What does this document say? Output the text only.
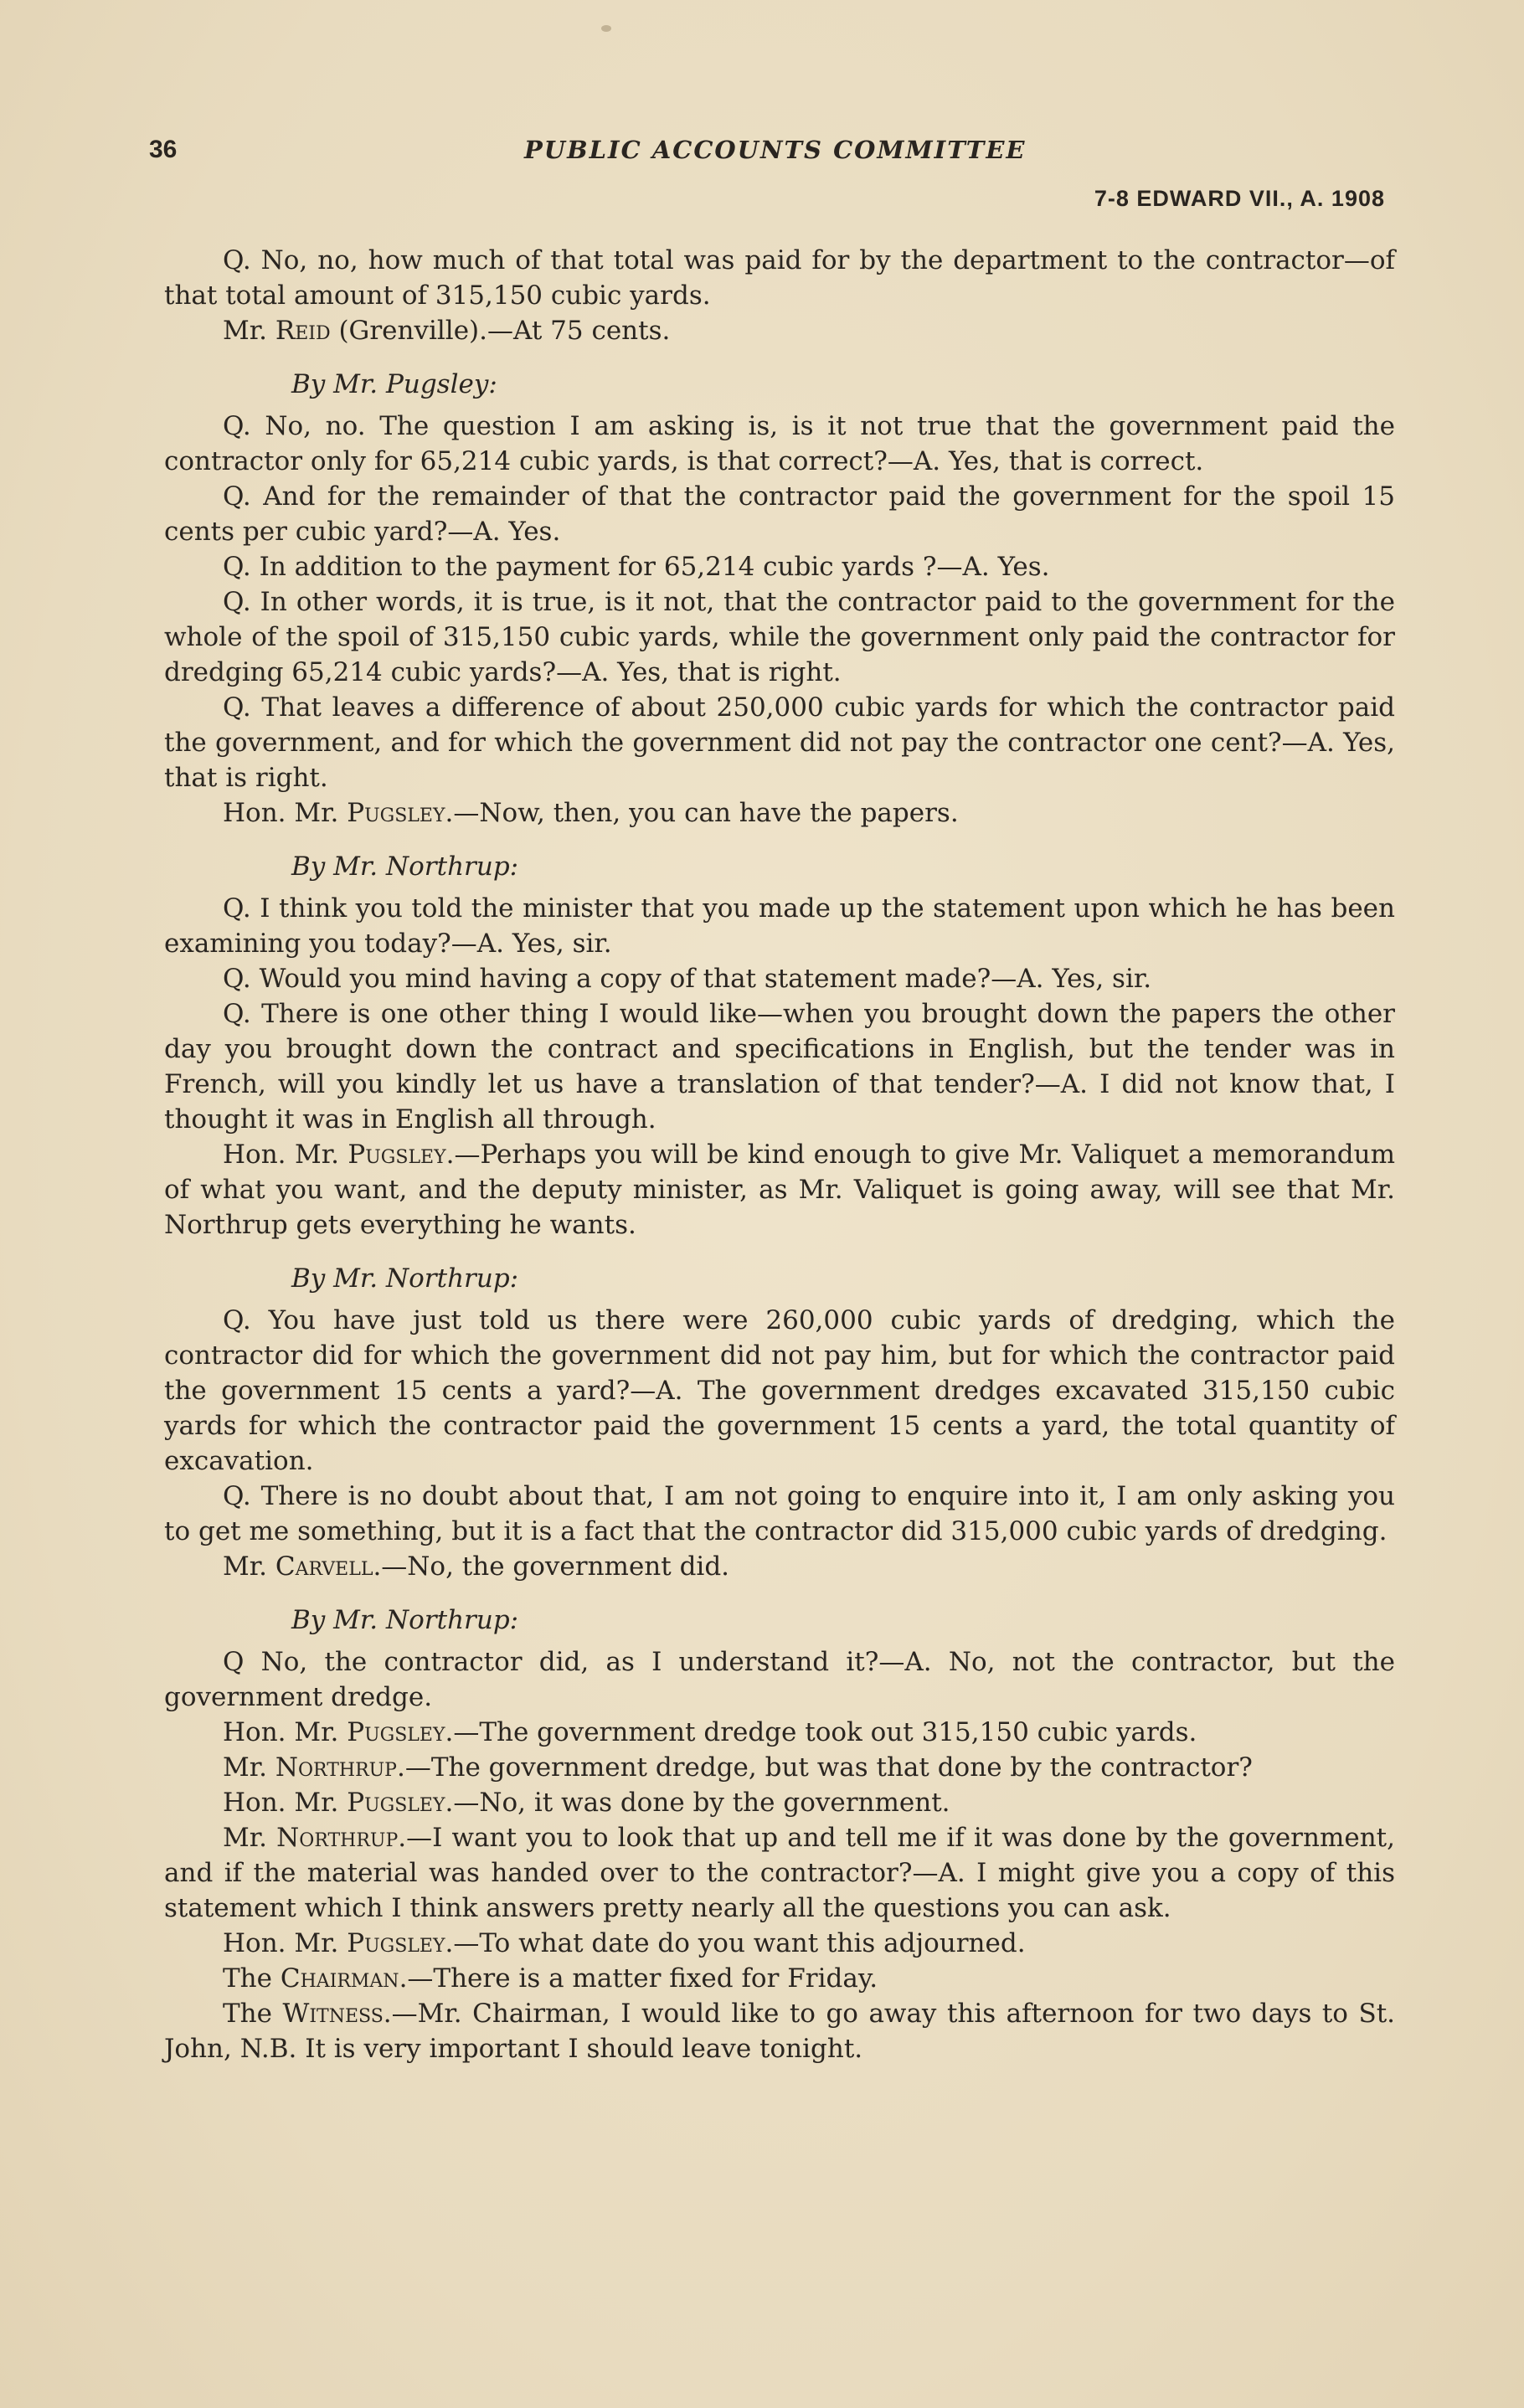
36	PUBLIC ACCOUNTS COMMITTEE
7-8 EDWARD VII., A. 1908

Q. No, no, how much of that total was paid for by the department to the contractor—of that total amount of 315,150 cubic yards.

Mr. Reid (Grenville).—At 75 cents.

By Mr. Pugsley:

Q. No, no. The question I am asking is, is it not true that the government paid the contractor only for 65,214 cubic yards, is that correct?—A. Yes, that is correct.

Q. And for the remainder of that the contractor paid the government for the spoil 15 cents per cubic yard?—A. Yes.

Q. In addition to the payment for 65,214 cubic yards ?—A. Yes.

Q. In other words, it is true, is it not, that the contractor paid to the government for the whole of the spoil of 315,150 cubic yards, while the government only paid the contractor for dredging 65,214 cubic yards?—A. Yes, that is right.

Q. That leaves a difference of about 250,000 cubic yards for which the contractor paid the government, and for which the government did not pay the contractor one cent?—A. Yes, that is right.

Hon. Mr. Pugsley.—Now, then, you can have the papers.

By Mr. Northrup:

Q. I think you told the minister that you made up the statement upon which he has been examining you today?—A. Yes, sir.

Q. Would you mind having a copy of that statement made?—A. Yes, sir.

Q. There is one other thing I would like—when you brought down the papers the other day you brought down the contract and specifications in English, but the tender was in French, will you kindly let us have a translation of that tender?—A. I did not know that, I thought it was in English all through.

Hon. Mr. Pugsley.—Perhaps you will be kind enough to give Mr. Valiquet a memorandum of what you want, and the deputy minister, as Mr. Valiquet is going away, will see that Mr. Northrup gets everything he wants.

By Mr. Northrup:

Q. You have just told us there were 260,000 cubic yards of dredging, which the contractor did for which the government did not pay him, but for which the contractor paid the government 15 cents a yard?—A. The government dredges excavated 315,150 cubic yards for which the contractor paid the government 15 cents a yard, the total quantity of excavation.

Q. There is no doubt about that, I am not going to enquire into it, I am only asking you to get me something, but it is a fact that the contractor did 315,000 cubic yards of dredging.

Mr. Carvell.—No, the government did.

By Mr. Northrup:

Q No, the contractor did, as I understand it?—A. No, not the contractor, but the government dredge.

Hon. Mr. Pugsley.—The government dredge took out 315,150 cubic yards.

Mr. Northrup.—The government dredge, but was that done by the contractor?

Hon. Mr. Pugsley.—No, it was done by the government.

Mr. Northrup.—I want you to look that up and tell me if it was done by the government, and if the material was handed over to the contractor?—A. I might give you a copy of this statement which I think answers pretty nearly all the questions you can ask.

Hon. Mr. Pugsley.—To what date do you want this adjourned.

The Chairman.—There is a matter fixed for Friday.

The Witness.—Mr. Chairman, I would like to go away this afternoon for two days to St. John, N.B. It is very important I should leave tonight.
